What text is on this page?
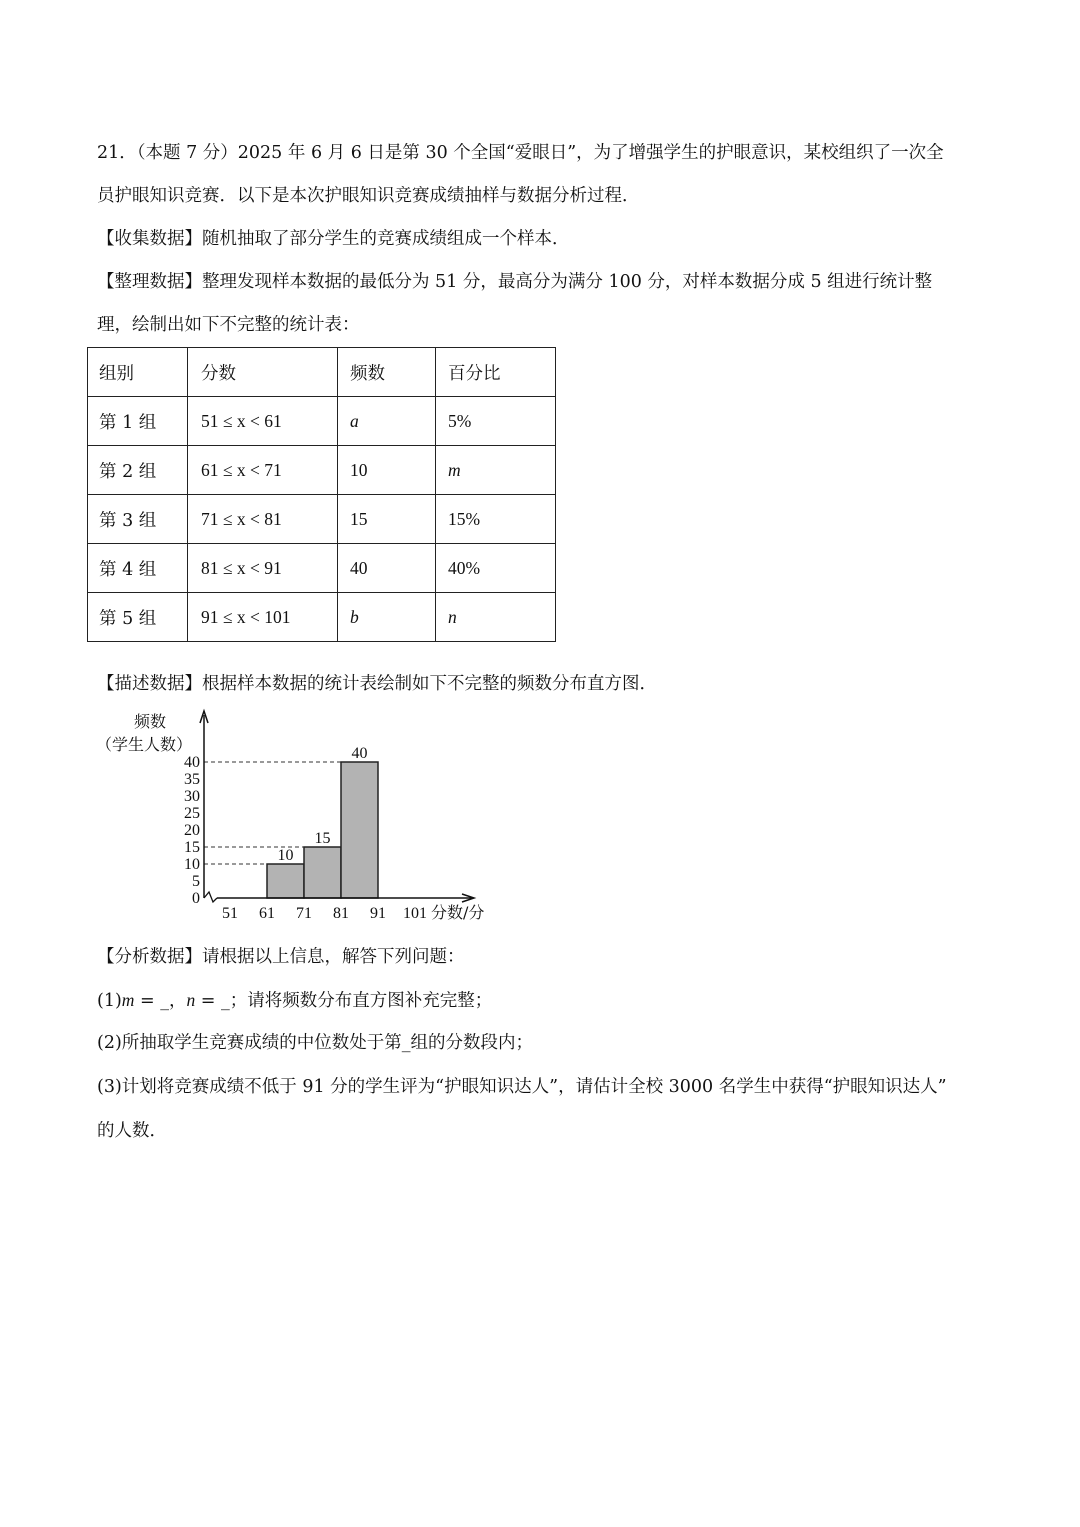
21．（本题 7 分）2025 年 6 月 6 日是第 30 个全国“爱眼日”，为了增强学生的护眼意识，某校组织了一次全
员护眼知识竞赛．以下是本次护眼知识竞赛成绩抽样与数据分析过程．
【收集数据】随机抽取了部分学生的竞赛成绩组成一个样本．
【整理数据】整理发现样本数据的最低分为 51 分，最高分为满分 100 分，对样本数据分成 5 组进行统计整
理，绘制出如下不完整的统计表：
组别	分数	频数	百分比
第 1 组	51 ≤ x < 61	a	5%
第 2 组	61 ≤ x < 71	10	m
第 3 组	71 ≤ x < 81	15	15%
第 4 组	81 ≤ x < 91	40	40%
第 5 组	91 ≤ x < 101	b	n
【描述数据】根据样本数据的统计表绘制如下不完整的频数分布直方图．
频数
（学生人数）
10
15
40
0
5
10
15
20
25
30
35
40
51 61 71 81 91 101 分数/分
【分析数据】请根据以上信息，解答下列问题：
(1)m = _，n = _；请将频数分布直方图补充完整；
(2)所抽取学生竞赛成绩的中位数处于第_组的分数段内；
(3)计划将竞赛成绩不低于 91 分的学生评为“护眼知识达人”，请估计全校 3000 名学生中获得“护眼知识达人”
的人数．
